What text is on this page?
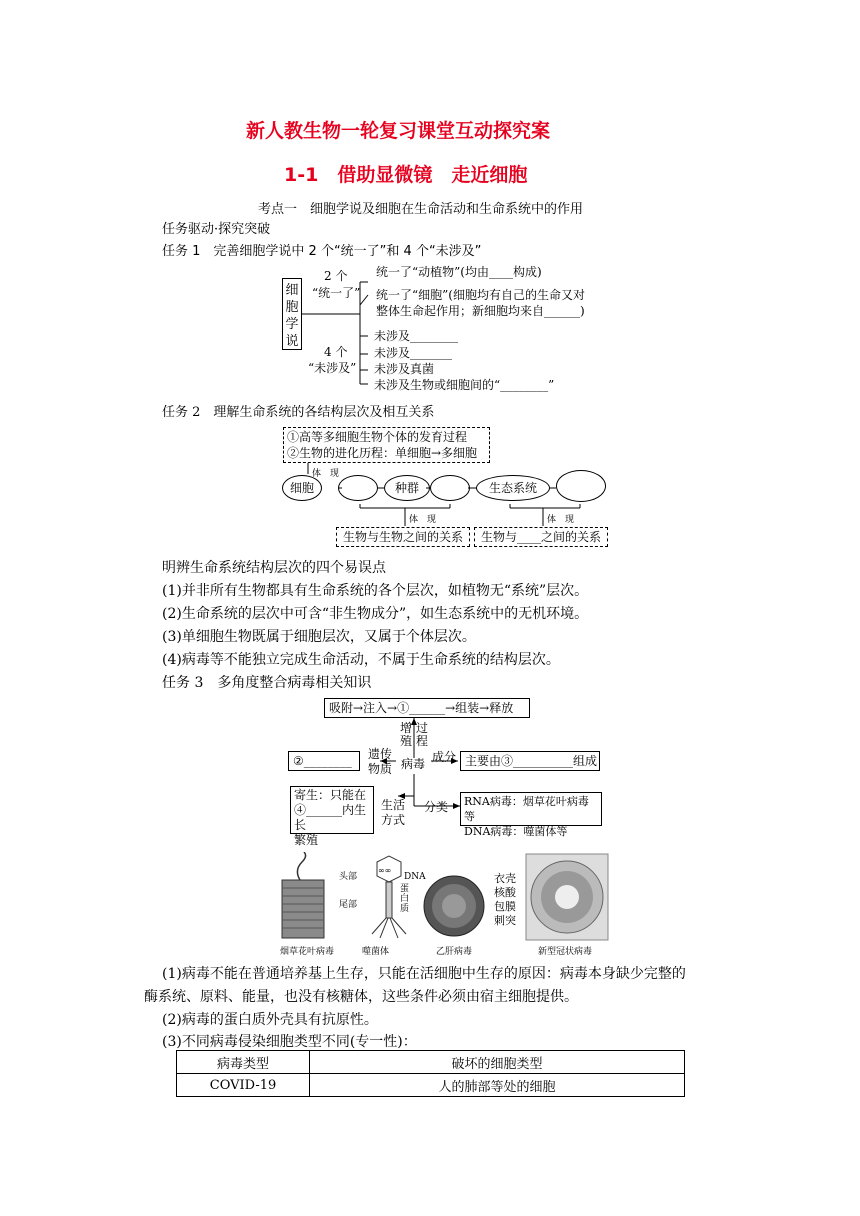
新人教生物一轮复习课堂互动探究案
1-1　借助显微镜　走近细胞
考点一　细胞学说及细胞在生命活动和生命系统中的作用
任务驱动·探究突破
任务 1　完善细胞学说中 2 个“统一了”和 4 个“未涉及”
细胞学说
2 个
“统一了”
统一了“动植物”(均由____构成)
统一了“细胞”(细胞均有自己的生命又对
整体生命起作用；新细胞均来自______)
4 个
“未涉及”
未涉及________
未涉及_______
未涉及真菌
未涉及生物或细胞间的“________”
任务 2　理解生命系统的各结构层次及相互关系
①高等多细胞生物个体的发育过程
②生物的进化历程：单细胞→多细胞
体　现
细胞	种群	生态系统
体　现	体　现
生物与生物之间的关系	生物与____之间的关系
明辨生命系统结构层次的四个易误点
(1)并非所有生物都具有生命系统的各个层次，如植物无“系统”层次。
(2)生命系统的层次中可含“非生物成分”，如生态系统中的无机环境。
(3)单细胞生物既属于细胞层次，又属于个体层次。
(4)病毒等不能独立完成生命活动，不属于生命系统的结构层次。
任务 3　多角度整合病毒相关知识
吸附→注入→①______→组装→释放
增殖
过程
遗传物质
②________	病毒 成分 主要由③__________组成
寄生：只能在
④______内生长
繁殖
生活方式
分类 RNA病毒：烟草花叶病毒等
DNA病毒：噬菌体等
∞∞
头部
尾部
DNA
蛋白质
衣壳
核酸
包膜
刺突
烟草花叶病毒	噬菌体	乙肝病毒	新型冠状病毒
(1)病毒不能在普通培养基上生存，只能在活细胞中生存的原因：病毒本身缺少完整的
酶系统、原料、能量，也没有核糖体，这些条件必须由宿主细胞提供。
(2)病毒的蛋白质外壳具有抗原性。
(3)不同病毒侵染细胞类型不同(专一性)：
病毒类型	破坏的细胞类型
COVID-19	人的肺部等处的细胞
